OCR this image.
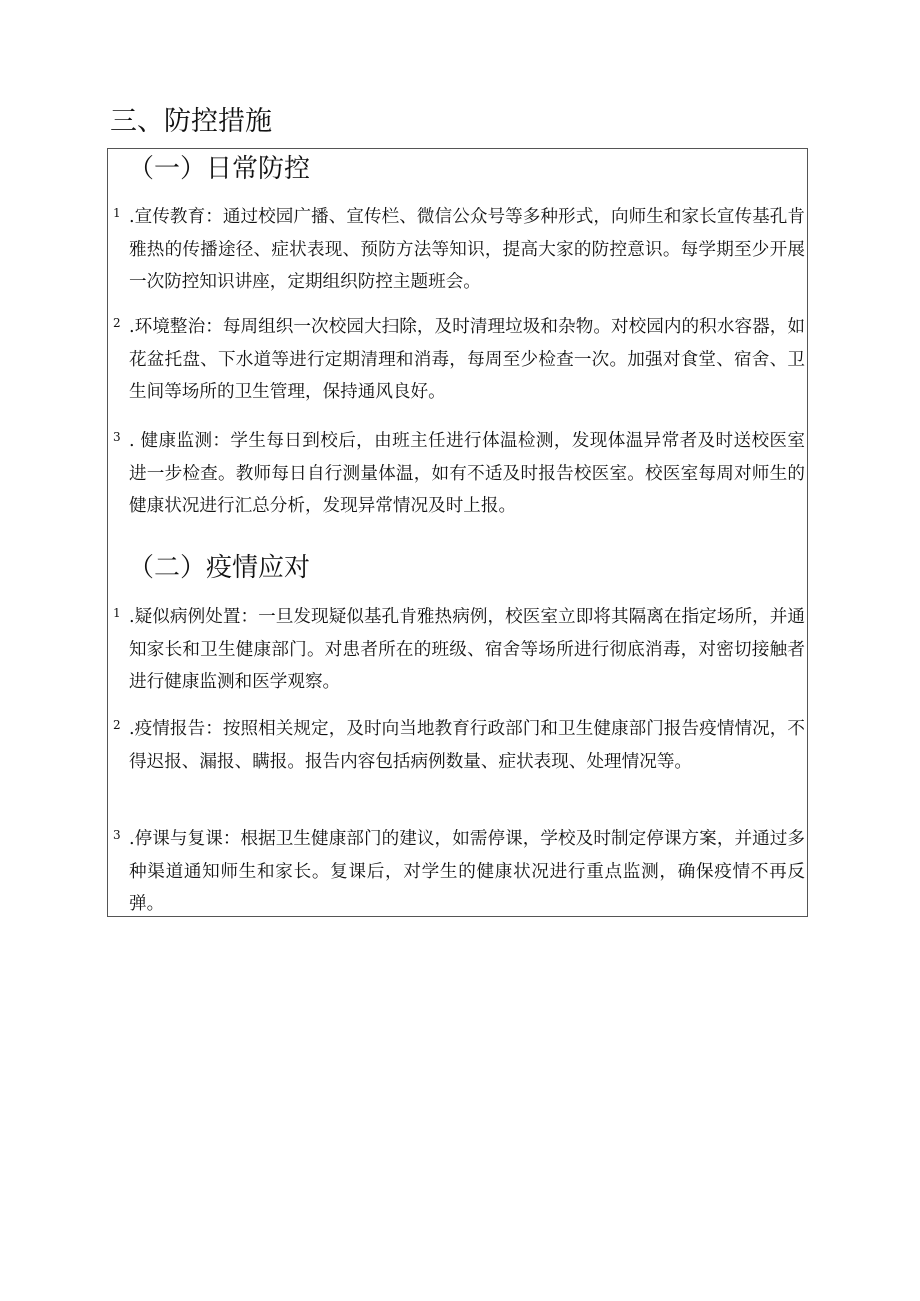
三、防控措施
（一）日常防控
1 .宣传教育：通过校园广播、宣传栏、微信公众号等多种形式，向师生和家长宣传基孔肯雅热的传播途径、症状表现、预防方法等知识，提高大家的防控意识。每学期至少开展一次防控知识讲座，定期组织防控主题班会。

2 .环境整治：每周组织一次校园大扫除，及时清理垃圾和杂物。对校园内的积水容器，如花盆托盘、下水道等进行定期清理和消毒，每周至少检查一次。加强对食堂、宿舍、卫生间等场所的卫生管理，保持通风良好。

3 . 健康监测：学生每日到校后，由班主任进行体温检测，发现体温异常者及时送校医室进一步检查。教师每日自行测量体温，如有不适及时报告校医室。校医室每周对师生的健康状况进行汇总分析，发现异常情况及时上报。

（二）疫情应对
1 .疑似病例处置：一旦发现疑似基孔肯雅热病例，校医室立即将其隔离在指定场所，并通知家长和卫生健康部门。对患者所在的班级、宿舍等场所进行彻底消毒，对密切接触者进行健康监测和医学观察。

2 .疫情报告：按照相关规定，及时向当地教育行政部门和卫生健康部门报告疫情情况，不得迟报、漏报、瞒报。报告内容包括病例数量、症状表现、处理情况等。

3 .停课与复课：根据卫生健康部门的建议，如需停课，学校及时制定停课方案，并通过多种渠道通知师生和家长。复课后，对学生的健康状况进行重点监测，确保疫情不再反弹。
